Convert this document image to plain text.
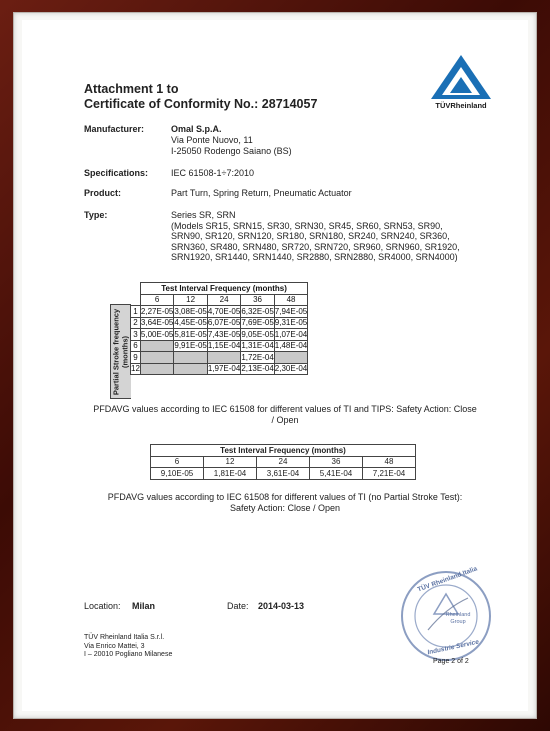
Attachment 1 to
Certificate of Conformity No.: 28714057	TÜVRheinland
Manufacturer:	Omal S.p.A.
Via Ponte Nuovo, 11
I-25050 Rodengo Saiano (BS)
Specifications:	IEC 61508-1÷7:2010
Product:	Part Turn, Spring Return, Pneumatic Actuator
Type:	Series SR, SRN
(Models SR15, SRN15, SR30, SRN30, SR45, SR60, SRN53, SR90,
SRN90, SR120, SRN120, SR180, SRN180, SR240, SRN240, SR360,
SRN360, SR480, SRN480, SR720, SRN720, SR960, SRN960, SR1920,
SRN1920, SR1440, SRN1440, SR2880, SRN2880, SR4000, SRN4000)
Partial Stroke frequency (months)
	Test Interval Frequency (months)				
	6	12	24	36	48
1	2,27E-05	3,08E-05	4,70E-05	6,32E-05	7,94E-05
2	3,64E-05	4,45E-05	6,07E-05	7,69E-05	9,31E-05
3	5,00E-05	5,81E-05	7,43E-05	9,05E-05	1,07E-04
6		9,91E-05	1,15E-04	1,31E-04	1,48E-04
9				1,72E-04	
12			1,97E-04	2,13E-04	2,30E-04
PFDAVG values according to IEC 61508 for different values of TI and TIPS: Safety Action: Close
/ Open
Test Interval Frequency (months)				
6	12	24	36	48
9,10E-05	1,81E-04	3,61E-04	5,41E-04	7,21E-04
PFDAVG values according to IEC 61508 for different values of TI (no Partial Stroke Test):
Safety Action: Close / Open
Location: Milan	Date: 2014-03-13
TÜV Rheinland Italia
Rheinland Group
Industrie Service
TÜV Rheinland Italia S.r.l.
Via Enrico Mattei, 3
I – 20010 Pogliano Milanese
Page 2 of 2
